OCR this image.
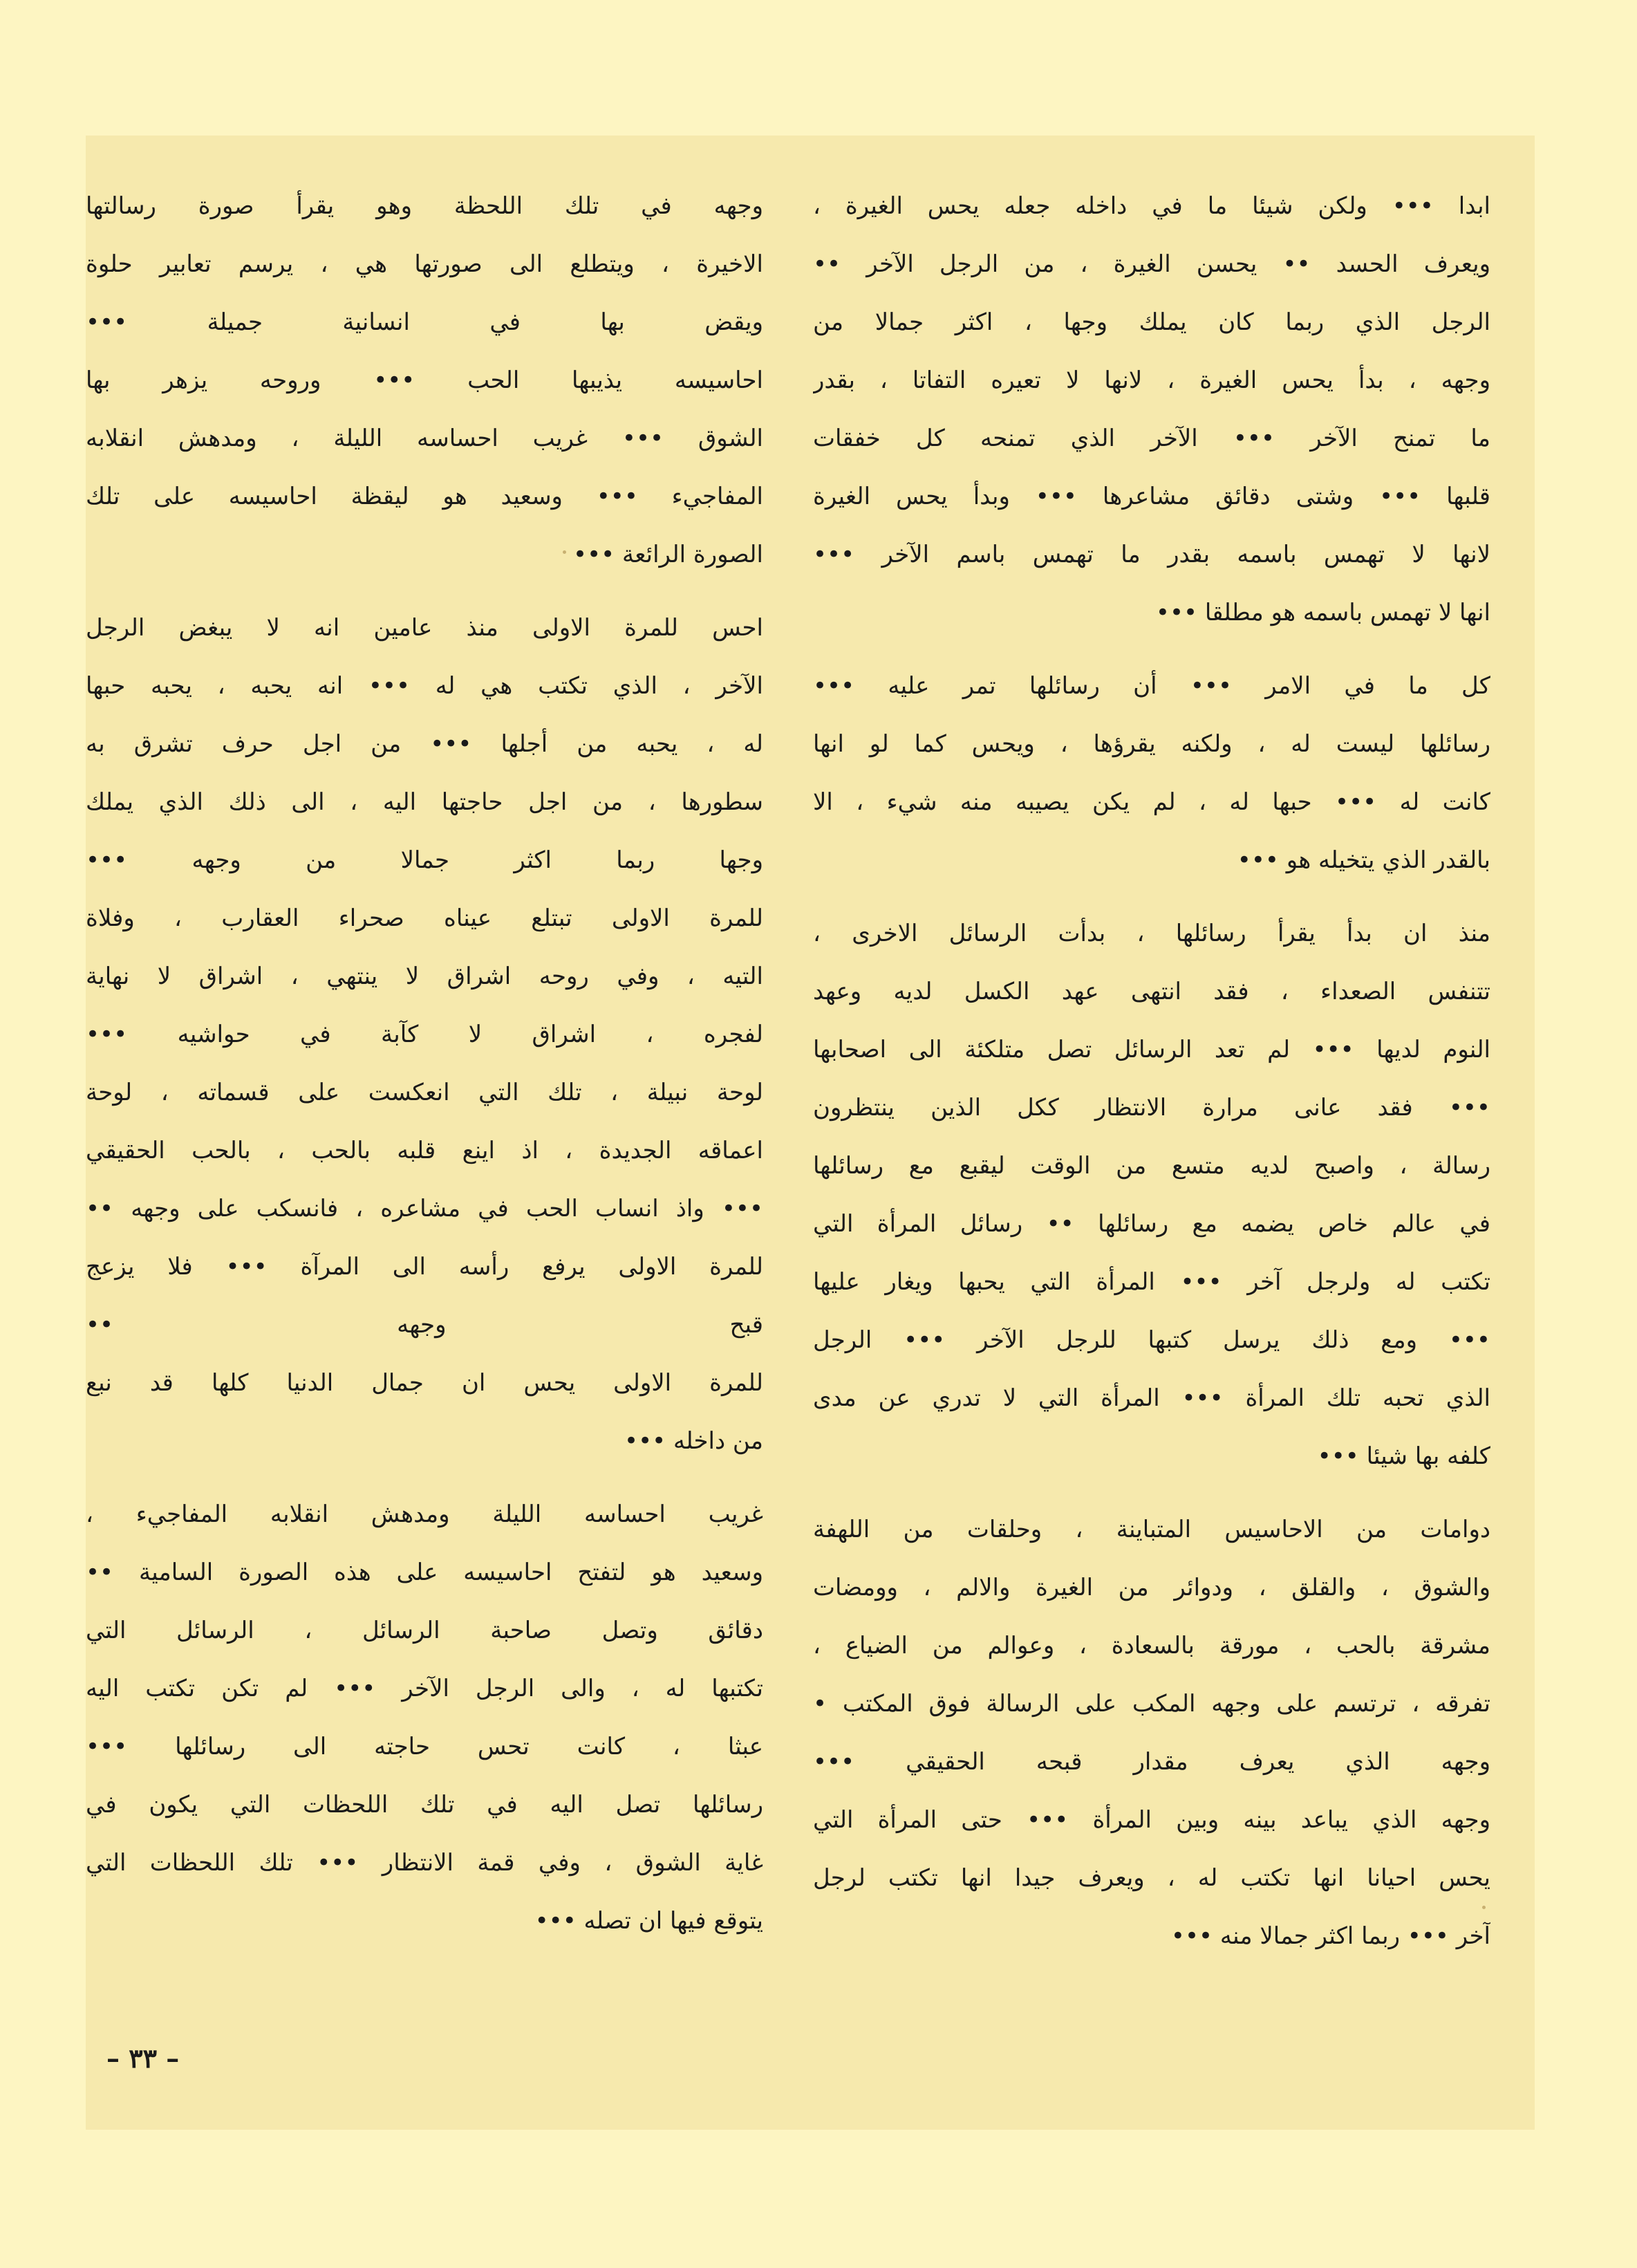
ابدا ••• ولكن شيئا ما في داخله جعله يحس الغيرة ،
ويعرف الحسد •• يحسن الغيرة ، من الرجل الآخر ••
الرجل الذي ربما كان يملك وجها ، اكثر جمالا من
وجهه ، بدأ يحس الغيرة ، لانها لا تعيره التفاتا ، بقدر
ما تمنح الآخر ••• الآخر الذي تمنحه كل خفقات
قلبها ••• وشتى دقائق مشاعرها ••• وبدأ يحس الغيرة
لانها لا تهمس باسمه بقدر ما تهمس باسم الآخر •••
انها لا تهمس باسمه هو مطلقا •••
كل ما في الامر ••• أن رسائلها تمر عليه •••
رسائلها ليست له ، ولكنه يقرؤها ، ويحس كما لو انها
كانت له ••• حبها له ، لم يكن يصيبه منه شيء ، الا
بالقدر الذي يتخيله هو •••
منذ ان بدأ يقرأ رسائلها ، بدأت الرسائل الاخرى ،
تتنفس الصعداء ، فقد انتهى عهد الكسل لديه وعهد
النوم لديها ••• لم تعد الرسائل تصل متلكئة الى اصحابها
••• فقد عانى مرارة الانتظار ككل الذين ينتظرون
رسالة ، واصبح لديه متسع من الوقت ليقبع مع رسائلها
في عالم خاص يضمه مع رسائلها •• رسائل المرأة التي
تكتب له ولرجل آخر ••• المرأة التي يحبها ويغار عليها
••• ومع ذلك يرسل كتبها للرجل الآخر ••• الرجل
الذي تحبه تلك المرأة ••• المرأة التي لا تدري عن مدى
كلفه بها شيئا •••
دوامات من الاحاسيس المتباينة ، وحلقات من اللهفة
والشوق ، والقلق ، ودوائر من الغيرة والالم ، وومضات
مشرقة بالحب ، مورقة بالسعادة ، وعوالم من الضياع ،
تفرقه ، ترتسم على وجهه المكب على الرسالة فوق المكتب •
وجهه الذي يعرف مقدار قبحه الحقيقي •••
وجهه الذي يباعد بينه وبين المرأة ••• حتى المرأة التي
يحس احيانا انها تكتب له ، ويعرف جيدا انها تكتب لرجل
آخر ••• ربما اكثر جمالا منه •••
وجهه في تلك اللحظة وهو يقرأ صورة رسالتها
الاخيرة ، ويتطلع الى صورتها هي ، يرسم تعابير حلوة
ويقض بها في انسانية جميلة •••
احاسيسه يذيبها الحب ••• وروحه يزهر بها
الشوق ••• غريب احساسه الليلة ، ومدهش انقلابه
المفاجيء ••• وسعيد هو ليقظة احاسيسه على تلك
الصورة الرائعة •••
احس للمرة الاولى منذ عامين انه لا يبغض الرجل
الآخر ، الذي تكتب هي له ••• انه يحبه ، يحبه حبها
له ، يحبه من أجلها ••• من اجل حرف تشرق به
سطورها ، من اجل حاجتها اليه ، الى ذلك الذي يملك
وجها ربما اكثر جمالا من وجهه •••
للمرة الاولى تبتلع عيناه صحراء العقارب ، وفلاة
التيه ، وفي روحه اشراق لا ينتهي ، اشراق لا نهاية
لفجره ، اشراق لا كآبة في حواشيه •••
لوحة نبيلة ، تلك التي انعكست على قسماته ، لوحة
اعماقه الجديدة ، اذ اينع قلبه بالحب ، بالحب الحقيقي
••• واذ انساب الحب في مشاعره ، فانسكب على وجهه ••
للمرة الاولى يرفع رأسه الى المرآة ••• فلا يزعج
قبح وجهه ••
للمرة الاولى يحس ان جمال الدنيا كلها قد نبع
من داخله •••
غريب احساسه الليلة ومدهش انقلابه المفاجيء ،
وسعيد هو لتفتح احاسيسه على هذه الصورة السامية ••
دقائق وتصل صاحبة الرسائل ، الرسائل التي
تكتبها له ، والى الرجل الآخر ••• لم تكن تكتب اليه
عبثا ، كانت تحس حاجته الى رسائلها •••
رسائلها تصل اليه في تلك اللحظات التي يكون في
غاية الشوق ، وفي قمة الانتظار ••• تلك اللحظات التي
يتوقع فيها ان تصله •••
– ٣٣ –
